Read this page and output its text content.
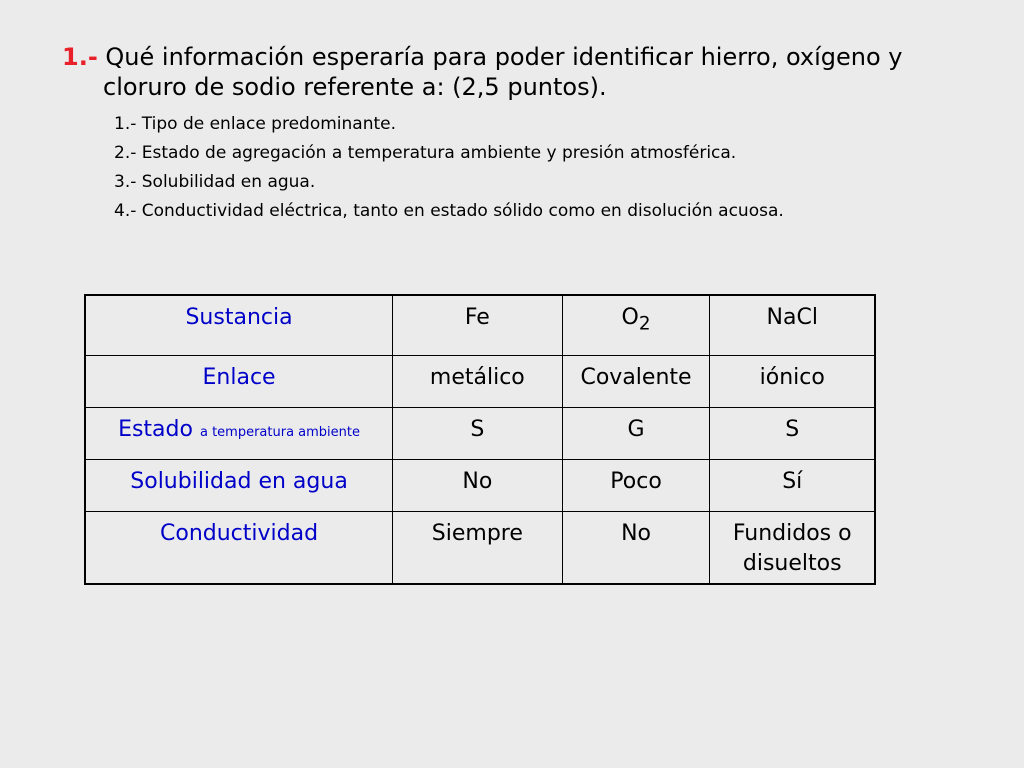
1.- Qué información esperaría para poder identificar hierro, oxígeno y
cloruro de sodio referente a: (2,5 puntos).
1.- Tipo de enlace predominante.
2.- Estado de agregación a temperatura ambiente y presión atmosférica.
3.- Solubilidad en agua.
4.- Conductividad eléctrica, tanto en estado sólido como en disolución acuosa.
Sustancia	Fe	$O_2$	NaCl
Enlace	metálico	Covalente	iónico
Estado a temperatura ambiente	S	G	S
Solubilidad en agua	No	Poco	Sí
Conductividad	Siempre	No	Fundidos o disueltos
